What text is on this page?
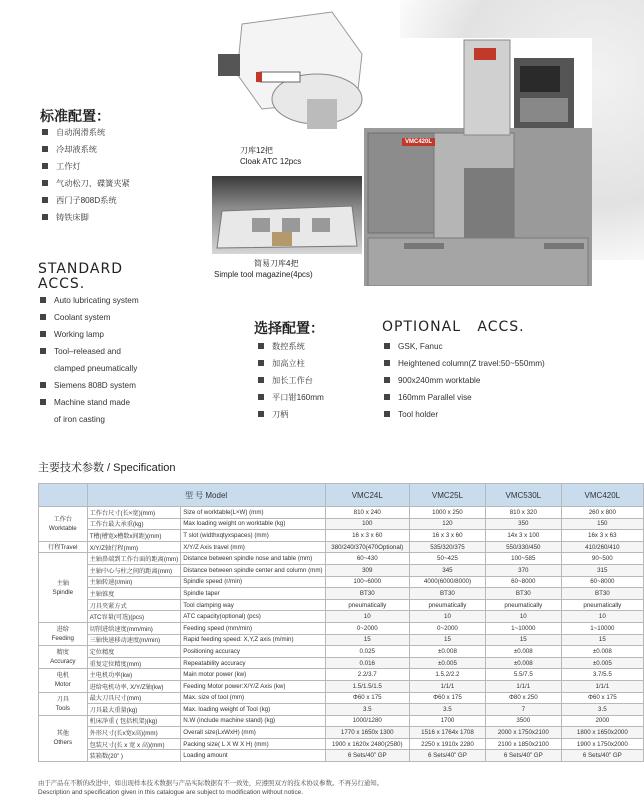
刀库12把
Cloak ATC 12pcs
简易刀库4把
Simple tool magazine(4pcs)
VMC420L
标准配置：
自动润滑系统
冷却液系统
工作灯
气动松刀、碟簧夹紧
西门子808D系统
铸铁床脚
STANDARD
ACCS.
Auto lubricating system
Coolant system
Working lamp
Tool–released and
clamped pneumatically
Siemens 808D system
Machine stand made
of iron casting
选择配置：
数控系统
加高立柱
加长工作台
平口钳160mm
刀柄
OPTIONAL   ACCS.
GSK, Fanuc
Heightened column(Z travel:50~550mm)
900x240mm worktable
160mm Parallel vise
Tool holder
主要技术参数 / Specification
	型 号 Model		VMC24L	VMC25L	VMC530L	VMC420L
工作台
Worktable	工作台尺寸(长×宽)(mm)	Size of worktable(L×W) (mm)	810 x 240	1000 x 250	810 x 320	260 x 800
	工作台最大承重(kg)	Max loading weight on worktable (kg)	100	120	350	150
	T槽(槽宽x槽数x间距)(mm)	T slot (widthxqtyxspaces) (mm)	16 x 3 x 60	16 x 3 x 60	14x 3 x 100	16x 3 x 63
行程Travel	X/Y/Z轴行程(mm)	X/Y/Z Axis travel (mm)	380/240/370(470Optional)	535/320/375	550/330/450	410/260/410
主轴
Spindle	主轴鼻端到工作台面的距离(mm)	Distance between spindle nose and table (mm)	60~430	50~425	100~585	90~500
	主轴中心与柱之间的距离(mm)	Distance between spindle center and column (mm)	309	345	370	315
	主轴转速(r/min)	Spindle speed (r/min)	100~6000	4000(6000/8000)	60~8000	60~8000
	主轴锥度	Spindle taper	BT30	BT30	BT30	BT30
	刀具夹紧方式	Tool clamping way	pneumatically	pneumatically	pneumatically	pneumatically
	ATC容量(可选)(pcs)	ATC capacity(optional) (pcs)	10	10	10	10
进给
Feeding	切削进给速度(mm/min)	Feeding speed (mm/min)	0~2000	0~2000	1~10000	1~10000
	三轴快速移动速度(m/min)	Rapid feeding speed: X,Y,Z axis (m/min)	15	15	15	15
精度
Accuracy	定位精度	Positioning accuracy	0.025	±0.008	±0.008	±0.008
	重复定位精度(mm)	Repeatability accuracy	0.016	±0.005	±0.008	±0.005
电机
Motor	主电机功率(kw)	Main motor power (kw)	2.2/3.7	1.5,2/2.2	5.5/7.5	3.7/5.5
	进给电机功率, X/Y/Z轴(kw)	Feeding Motor power:X/Y/Z Axis (kw)	1.5/1.5/1.5	1/1/1	1/1/1	1/1/1
刀具
Tools	最大刀具尺寸(mm)	Max. size of tool (mm)	Φ60 x 175	Φ60 x 175	Φ80 x 250	Φ60 x 175
	刀具最大重量(kg)	Max. loading weight of Tool (kg)	3.5	3.5	7	3.5
其他
Others	机床净重 ( 包括机架)(kg)	N.W (include machine stand) (kg)	1000/1280	1700	3500	2000
	外形尺寸(长x宽x高)(mm)	Overall size(LxWxH) (mm)	1770 x 1650x 1300	1516 x 1764x 1708	2000 x 1750x2100	1800 x 1650x2000
	包装尺寸(长 x 宽 x 高)(mm)	Packing size( L X W X H) (mm)	1900 x 1620x 2480(2580)	2250 x 1910x 2280	2100 x 1850x2100	1900 x 1750x2000
	装箱数(20” )	Loading amount	6 Sets/40” GP	6 Sets/40” GP	6 Sets/40” GP	6 Sets/40” GP
由于产品在不断的改进中，如出现样本技术数据与产品实际数据有不一致处，应遵照双方的技术协议参数。不再另行通知。
Description and specification given in this catalogue are subject to modification without notice.
